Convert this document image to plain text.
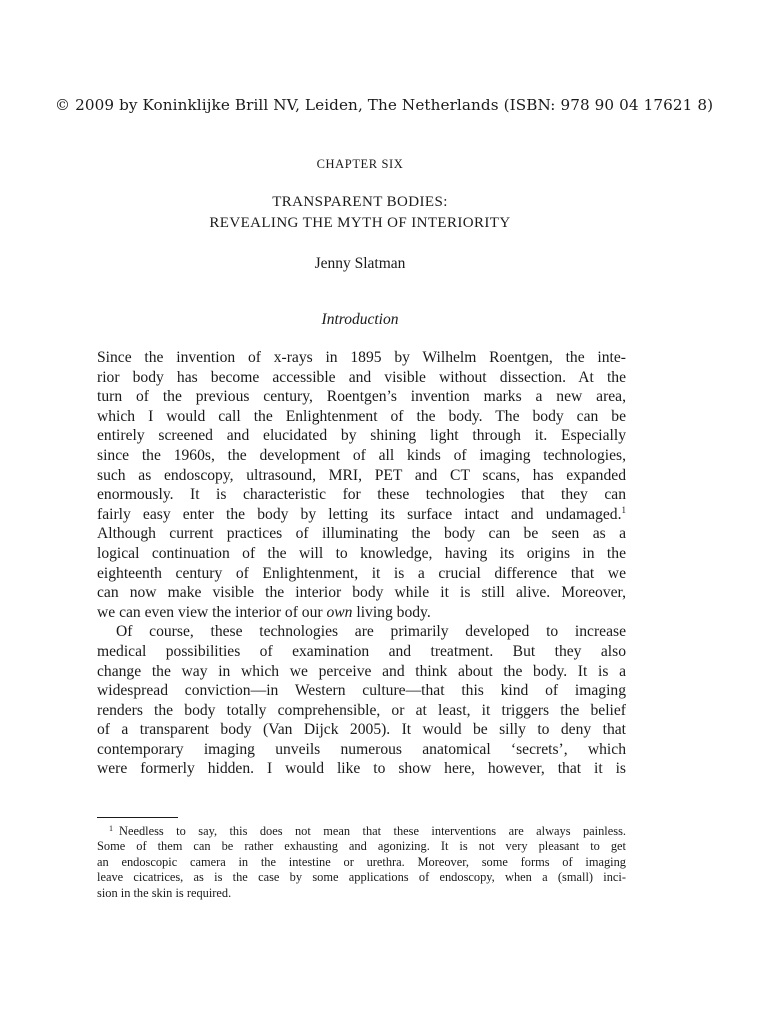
© 2009 by Koninklijke Brill NV, Leiden, The Netherlands (ISBN: 978 90 04 17621 8)
CHAPTER SIX
TRANSPARENT BODIES:
REVEALING THE MYTH OF INTERIORITY
Jenny Slatman
Introduction
Since the invention of x-rays in 1895 by Wilhelm Roentgen, the inte-
rior body has become accessible and visible without dissection. At the
turn of the previous century, Roentgen’s invention marks a new area,
which I would call the Enlightenment of the body. The body can be
entirely screened and elucidated by shining light through it. Especially
since the 1960s, the development of all kinds of imaging technologies,
such as endoscopy, ultrasound, MRI, PET and CT scans, has expanded
enormously. It is characteristic for these technologies that they can
fairly easy enter the body by letting its surface intact and undamaged.$^1$
Although current practices of illuminating the body can be seen as a
logical continuation of the will to knowledge, having its origins in the
eighteenth century of Enlightenment, it is a crucial difference that we
can now make visible the interior body while it is still alive. Moreover,
we can even view the interior of our own living body.
Of course, these technologies are primarily developed to increase
medical possibilities of examination and treatment. But they also
change the way in which we perceive and think about the body. It is a
widespread conviction—in Western culture—that this kind of imaging
renders the body totally comprehensible, or at least, it triggers the belief
of a transparent body (Van Dijck 2005). It would be silly to deny that
contemporary imaging unveils numerous anatomical ‘secrets’, which
were formerly hidden. I would like to show here, however, that it is
$^1$ Needless to say, this does not mean that these interventions are always painless.
Some of them can be rather exhausting and agonizing. It is not very pleasant to get
an endoscopic camera in the intestine or urethra. Moreover, some forms of imaging
leave cicatrices, as is the case by some applications of endoscopy, when a (small) inci-
sion in the skin is required.
